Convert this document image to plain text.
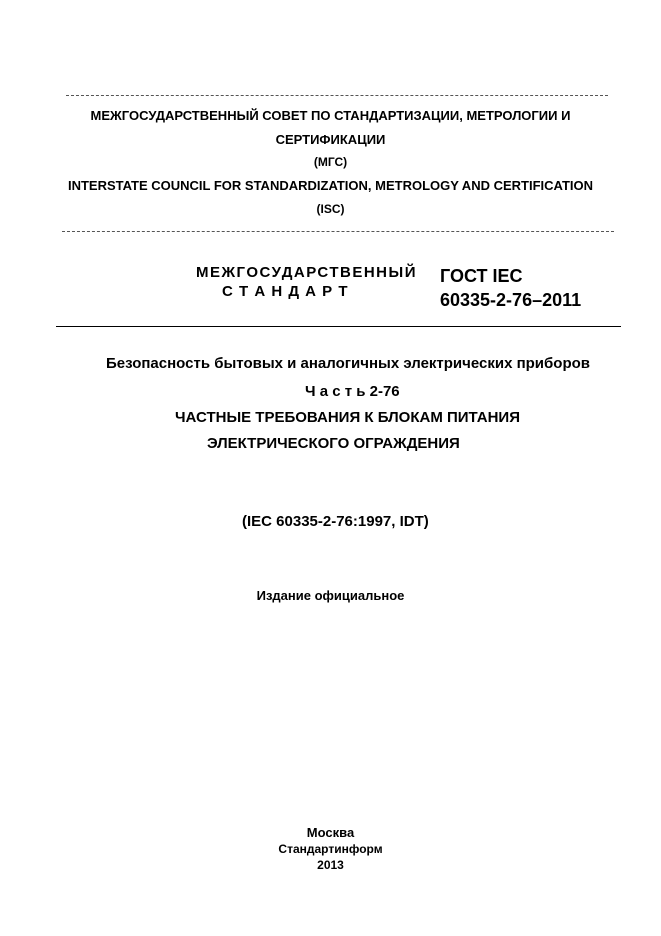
МЕЖГОСУДАРСТВЕННЫЙ СОВЕТ ПО СТАНДАРТИЗАЦИИ, МЕТРОЛОГИИ И
СЕРТИФИКАЦИИ
(МГС)
INTERSTATE COUNCIL FOR STANDARDIZATION, METROLOGY AND CERTIFICATION
(ISC)
МЕЖГОСУДАРСТВЕННЫЙ
С Т А Н Д А Р Т
ГОСТ IEC
60335-2-76–2011
Безопасность бытовых и аналогичных электрических приборов
Ч а с т ь 2-76
ЧАСТНЫЕ ТРЕБОВАНИЯ К БЛОКАМ ПИТАНИЯ
ЭЛЕКТРИЧЕСКОГО ОГРАЖДЕНИЯ
(IEC 60335-2-76:1997, IDT)
Издание официальное
Москва
Стандартинформ
2013
